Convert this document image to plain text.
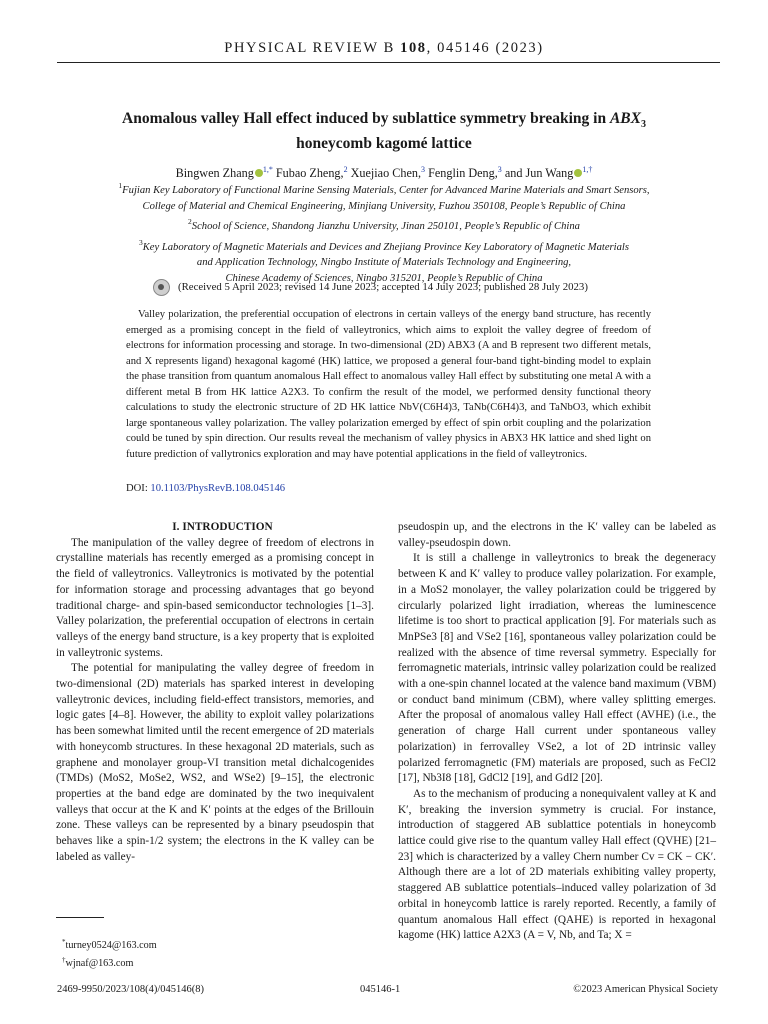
PHYSICAL REVIEW B 108, 045146 (2023)
Anomalous valley Hall effect induced by sublattice symmetry breaking in $ABX_3$
honeycomb kagomé lattice
Bingwen Zhang $^{1,*}$ Fubao Zheng,$^2$ Xuejiao Chen,$^3$ Fenglin Deng,$^3$ and Jun Wang $^{1,\dagger}$
$^1$Fujian Key Laboratory of Functional Marine Sensing Materials, Center for Advanced Marine Materials and Smart Sensors,
College of Material and Chemical Engineering, Minjiang University, Fuzhou 350108, People’s Republic of China
$^2$School of Science, Shandong Jianzhu University, Jinan 250101, People’s Republic of China
$^3$Key Laboratory of Magnetic Materials and Devices and Zhejiang Province Key Laboratory of Magnetic Materials
and Application Technology, Ningbo Institute of Materials Technology and Engineering,
Chinese Academy of Sciences, Ningbo 315201, People’s Republic of China
(Received 5 April 2023; revised 14 June 2023; accepted 14 July 2023; published 28 July 2023)
Valley polarization, the preferential occupation of electrons in certain valleys of the energy band structure, has recently emerged as a promising concept in the field of valleytronics, which aims to exploit the valley degree of freedom of electrons for information processing and storage. In two-dimensional (2D) ABX3 (A and B represent two different metals, and X represents ligand) hexagonal kagomé (HK) lattice, we proposed a general four-band tight-binding model to explain the phase transition from quantum anomalous Hall effect to anomalous valley Hall effect by substituting one metal A with a different metal B from HK lattice A2X3. To confirm the result of the model, we performed density functional theory calculations to study the electronic structure of 2D HK lattice NbV(C6H4)3, TaNb(C6H4)3, and TaNbO3, which exhibit large spontaneous valley polarization. The valley polarization emerged by effect of spin orbit coupling and the polarization could be tuned by spin direction. Our results reveal the mechanism of valley physics in ABX3 HK lattice and shed light on future prediction of vallytronics exploration and may have potential applications in the field of valleytronics.
DOI: 10.1103/PhysRevB.108.045146

I. INTRODUCTION

The manipulation of the valley degree of freedom of electrons in crystalline materials has recently emerged as a promising concept in the field of valleytronics. Valleytronics is motivated by the potential for information storage and processing advantages that go beyond traditional charge- and spin-based semiconductor technologies [1–3]. Valley polarization, the preferential occupation of electrons in certain valleys of the energy band structure, is a key property that is exploited in valleytronic systems.

The potential for manipulating the valley degree of freedom in two-dimensional (2D) materials has sparked interest in developing valleytronic devices, including field-effect transistors, memories, and logic gates [4–8]. However, the ability to exploit valley polarizations has been somewhat limited until the recent emergence of 2D materials with honeycomb structures. In these hexagonal 2D materials, such as graphene and monolayer group-VI transition metal dichalcogenides (TMDs) (MoS2, MoSe2, WS2, and WSe2) [9–15], the electronic properties at the band edge are dominated by the two inequivalent valleys that occur at the K and K′ points at the edges of the Brillouin zone. These valleys can be represented by a binary pseudospin that behaves like a spin-1/2 system; the electrons in the K valley can be labeled as valley-

pseudospin up, and the electrons in the K′ valley can be labeled as valley-pseudospin down.

It is still a challenge in valleytronics to break the degeneracy between K and K′ valley to produce valley polarization. For example, in a MoS2 monolayer, the valley polarization could be triggered by circularly polarized light irradiation, whereas the luminescence lifetime is too short to practical application [9]. For materials such as MnPSe3 [8] and VSe2 [16], spontaneous valley polarization could be realized with the absence of time reversal symmetry. Especially for ferromagnetic materials, intrinsic valley polarization could be realized with a one-spin channel located at the valence band maximum (VBM) or conduct band minimum (CBM), where valley splitting emerges. After the proposal of anomalous valley Hall effect (AVHE) (i.e., the generation of charge Hall current under spontaneous valley polarization) in ferrovalley VSe2, a lot of 2D intrinsic valley polarized ferromagnetic (FM) materials are proposed, such as FeCl2 [17], Nb3I8 [18], GdCl2 [19], and GdI2 [20].

As to the mechanism of producing a nonequivalent valley at K and K′, breaking the inversion symmetry is crucial. For instance, introduction of staggered AB sublattice potentials in honeycomb lattice could give rise to the quantum valley Hall effect (QVHE) [21–23] which is characterized by a valley Chern number Cv = CK − CK′. Although there are a lot of 2D materials exhibiting valley property, staggered AB sublattice potentials–induced valley polarization of 3d orbital in honeycomb lattice is rarely reported. Recently, a family of quantum anomalous Hall effect (QAHE) is reported in hexagonal kagome (HK) lattice A2X3 (A = V, Nb, and Ta; X =

*turney0524@163.com
†wjnaf@163.com
2469-9950/2023/108(4)/045146(8)	045146-1	©2023 American Physical Society
